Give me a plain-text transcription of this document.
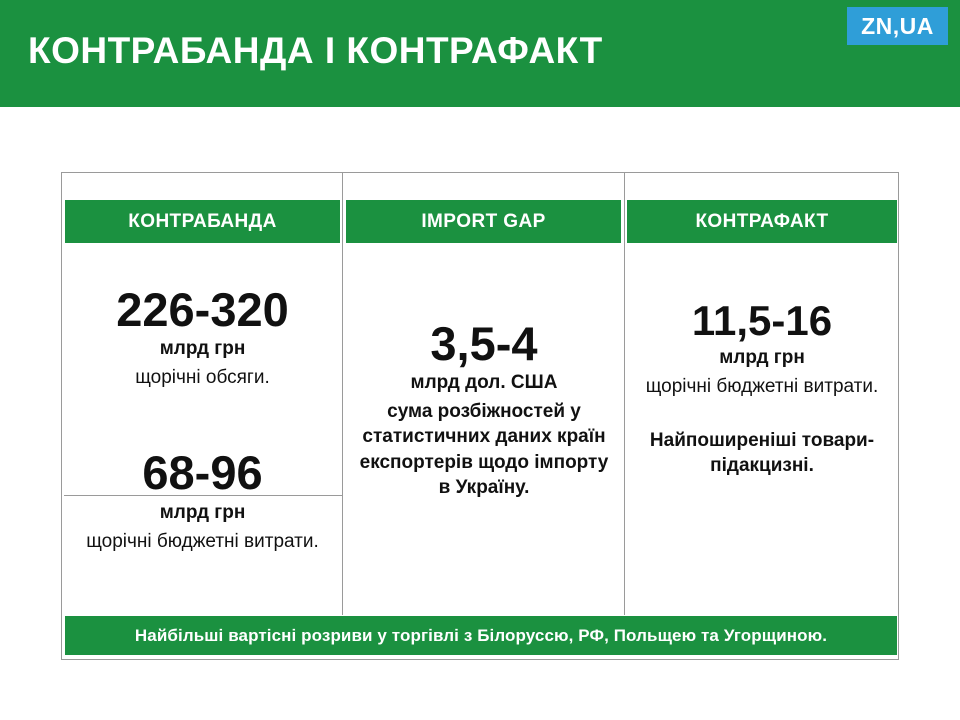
КОНТРАБАНДА І КОНТРАФАКТ
ZN , UA
КОНТРАБАНДА	IMPORT GAP	КОНТРАФАКТ
226-320
млрд грн
щорічні обсяги.
68-96
млрд грн
щорічні бюджетні витрати.
3,5-4
млрд дол. США
сума розбіжностей у статистичних даних країн експортерів щодо імпорту в Україну.
11,5-16
млрд грн
щорічні бюджетні витрати.
Найпоширеніші товари-підакцизні.
Найбільші вартісні розриви у торгівлі з Білоруссю, РФ, Польщею та Угорщиною.
